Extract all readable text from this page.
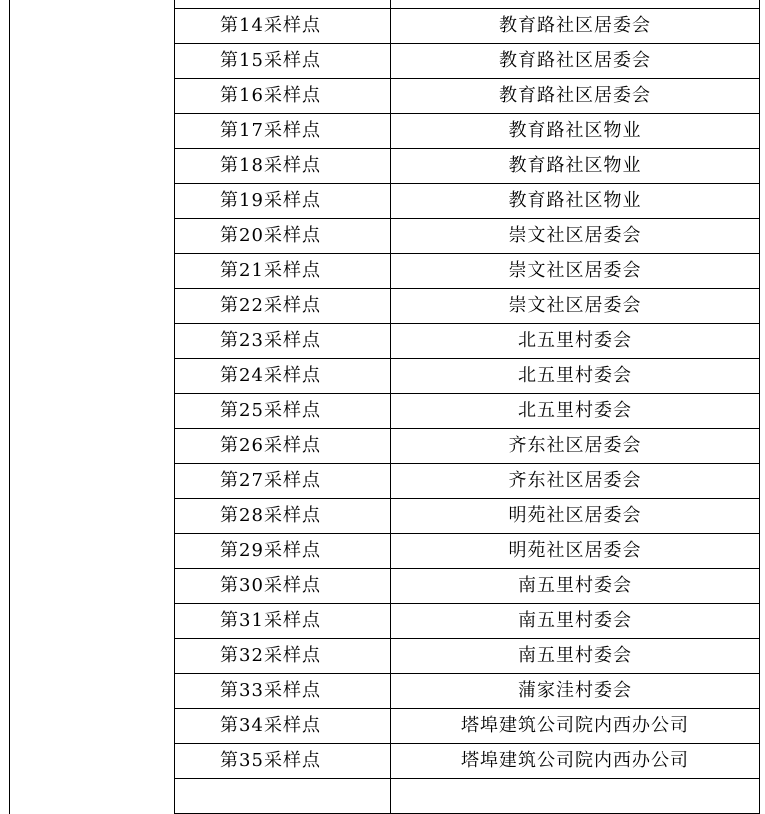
	第14采样点	教育路社区居委会
	第15采样点	教育路社区居委会
	第16采样点	教育路社区居委会
	第17采样点	教育路社区物业
	第18采样点	教育路社区物业
	第19采样点	教育路社区物业
	第20采样点	崇文社区居委会
	第21采样点	崇文社区居委会
	第22采样点	崇文社区居委会
	第23采样点	北五里村委会
	第24采样点	北五里村委会
	第25采样点	北五里村委会
	第26采样点	齐东社区居委会
	第27采样点	齐东社区居委会
	第28采样点	明苑社区居委会
	第29采样点	明苑社区居委会
	第30采样点	南五里村委会
	第31采样点	南五里村委会
	第32采样点	南五里村委会
	第33采样点	蒲家洼村委会
	第34采样点	塔埠建筑公司院内西办公司
	第35采样点	塔埠建筑公司院内西办公司
